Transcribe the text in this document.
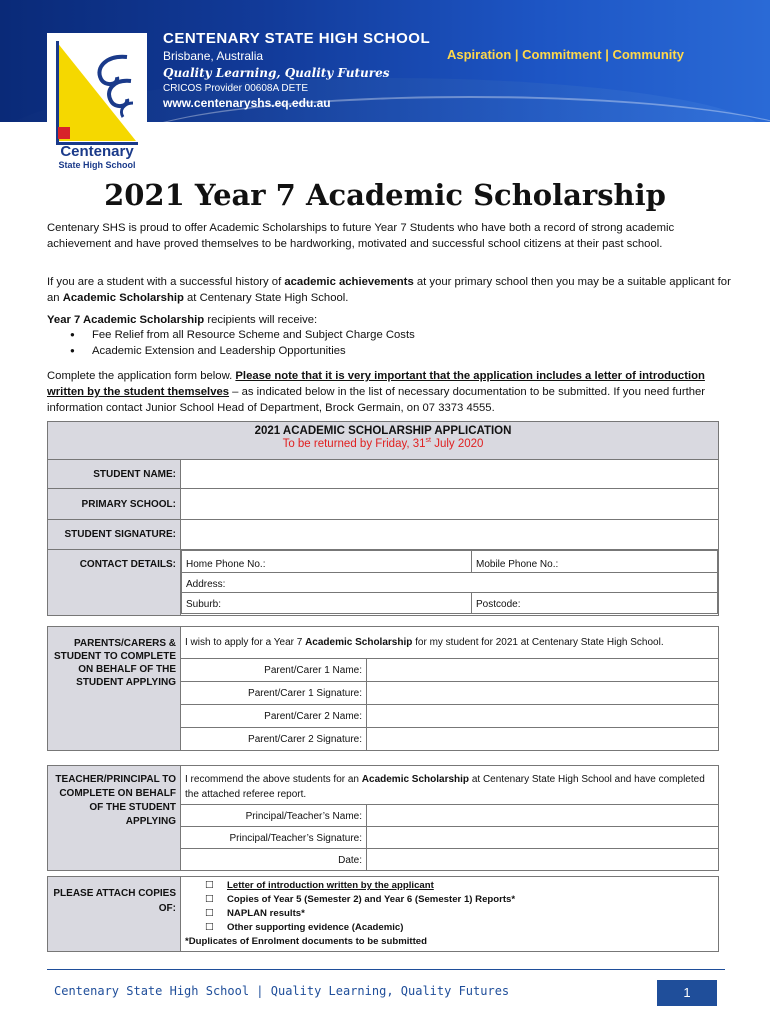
CENTENARY STATE HIGH SCHOOL
Brisbane, Australia
Quality Learning, Quality Futures
CRICOS Provider 00608A DETE
www.centenaryshs.eq.edu.au
Aspiration | Commitment | Community
Centenary
State High School
2021 Year 7 Academic Scholarship

Centenary SHS is proud to offer Academic Scholarships to future Year 7 Students who have both a record of strong academic achievement and have proved themselves to be hardworking, motivated and successful school citizens at their past school.

If you are a student with a successful history of academic achievements at your primary school then you may be a suitable applicant for an Academic Scholarship at Centenary State High School.

Year 7 Academic Scholarship recipients will receive:

● Fee Relief from all Resource Scheme and Subject Charge Costs
● Academic Extension and Leadership Opportunities

Complete the application form below. Please note that it is very important that the application includes a letter of introduction written by the student themselves – as indicated below in the list of necessary documentation to be submitted. If you need further information contact Junior School Head of Department, Brock Germain, on 07 3373 4555.

2021 ACADEMIC SCHOLARSHIP APPLICATION
To be returned by Friday, 31st July 2020

STUDENT NAME:	
PRIMARY SCHOOL:	
STUDENT SIGNATURE:	
CONTACT DETAILS:	Home Phone No.:	Mobile Phone No.:
Address:
Suburb:	Postcode:
PARENTS/CARERS & STUDENT TO COMPLETE ON BEHALF OF THE STUDENT APPLYING	I wish to apply for a Year 7 Academic Scholarship for my student for 2021 at Centenary State High School.	
	Parent/Carer 1 Name:	
	Parent/Carer 1 Signature:	
	Parent/Carer 2 Name:	
	Parent/Carer 2 Signature:	
TEACHER/PRINCIPAL TO COMPLETE ON BEHALF OF THE STUDENT APPLYING	I recommend the above students for an Academic Scholarship at Centenary State High School and have completed the attached referee report.	
	Principal/Teacher’s Name:	
	Principal/Teacher’s Signature:	
	Date:	
PLEASE ATTACH COPIES OF:	
☐ Letter of introduction written by the applicant
☐ Copies of Year 5 (Semester 2) and Year 6 (Semester 1) Reports*
☐ NAPLAN results*
☐ Other supporting evidence (Academic)
*Duplicates of Enrolment documents to be submitted
Centenary State High School | Quality Learning, Quality Futures	1
